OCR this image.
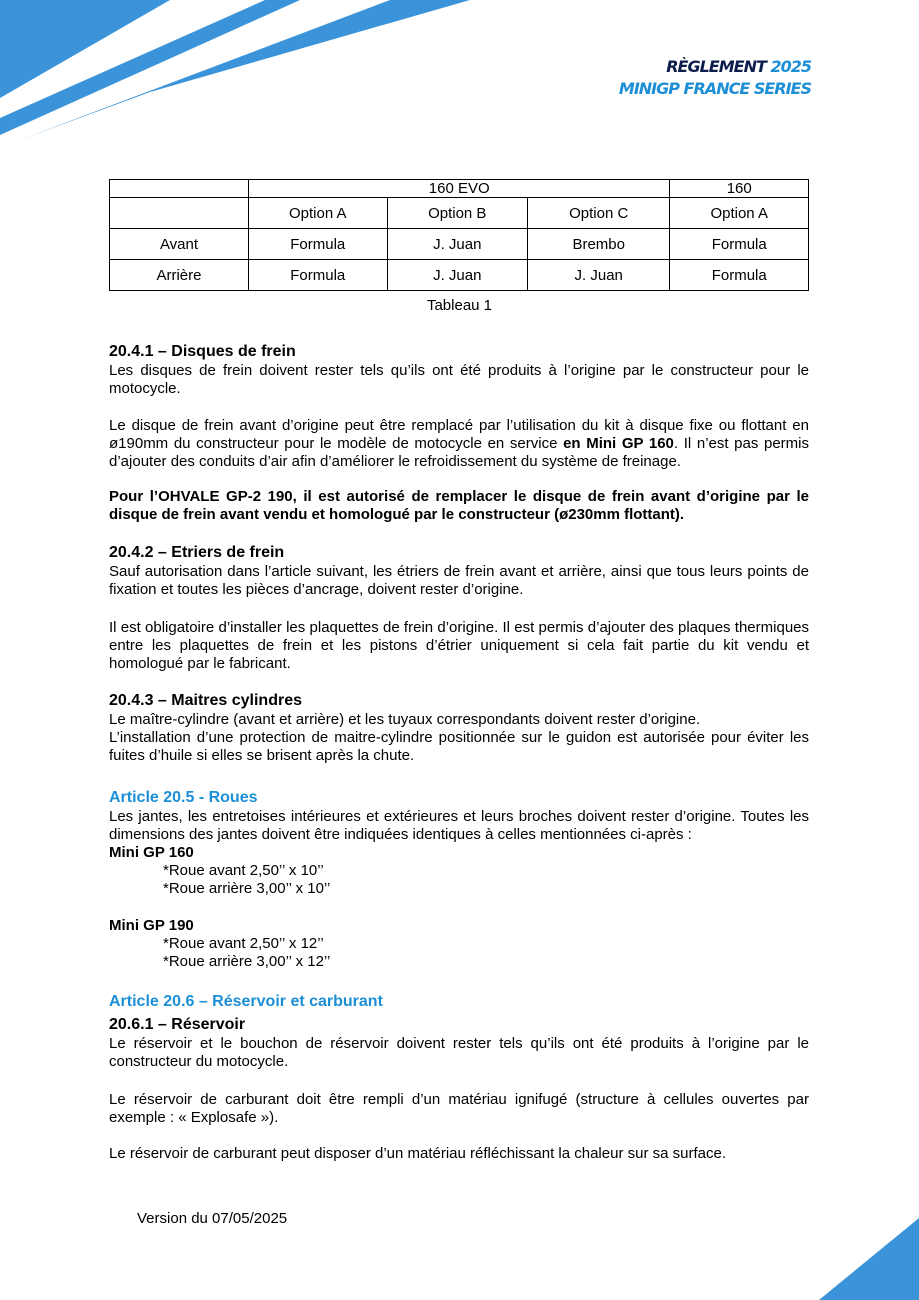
RÈGLEMENT 2025
MINIGP FRANCE SERIES
	160 EVO			160
	Option A	Option B	Option C	Option A
Avant	Formula	J. Juan	Brembo	Formula
Arrière	Formula	J. Juan	J. Juan	Formula
Tableau 1
20.4.1 – Disques de frein
Les disques de frein doivent rester tels qu’ils ont été produits à l’origine par le constructeur pour le motocycle.
Le disque de frein avant d’origine peut être remplacé par l’utilisation du kit à disque fixe ou flottant en ø190mm du constructeur pour le modèle de motocycle en service en Mini GP 160. Il n’est pas permis d’ajouter des conduits d’air afin d’améliorer le refroidissement du système de freinage.
Pour l’OHVALE GP-2 190, il est autorisé de remplacer le disque de frein avant d’origine par le disque de frein avant vendu et homologué par le constructeur (ø230mm flottant).
20.4.2 – Etriers de frein
Sauf autorisation dans l’article suivant, les étriers de frein avant et arrière, ainsi que tous leurs points de fixation et toutes les pièces d’ancrage, doivent rester d’origine.
Il est obligatoire d’installer les plaquettes de frein d’origine. Il est permis d’ajouter des plaques thermiques entre les plaquettes de frein et les pistons d’étrier uniquement si cela fait partie du kit vendu et homologué par le fabricant.
20.4.3 – Maitres cylindres
Le maître-cylindre (avant et arrière) et les tuyaux correspondants doivent rester d’origine.
L’installation d’une protection de maitre-cylindre positionnée sur le guidon est autorisée pour éviter les fuites d’huile si elles se brisent après la chute.
Article 20.5 - Roues
Les jantes, les entretoises intérieures et extérieures et leurs broches doivent rester d’origine. Toutes les dimensions des jantes doivent être indiquées identiques à celles mentionnées ci-après :
Mini GP 160
*Roue avant 2,50’’ x 10’’
*Roue arrière 3,00’’ x 10’’
Mini GP 190
*Roue avant 2,50’’ x 12’’
*Roue arrière 3,00’’ x 12’’
Article 20.6 – Réservoir et carburant
20.6.1 – Réservoir
Le réservoir et le bouchon de réservoir doivent rester tels qu’ils ont été produits à l’origine par le constructeur du motocycle.
Le réservoir de carburant doit être rempli d’un matériau ignifugé (structure à cellules ouvertes par exemple : « Explosafe »).
Le réservoir de carburant peut disposer d’un matériau réfléchissant la chaleur sur sa surface.
Version du 07/05/2025
